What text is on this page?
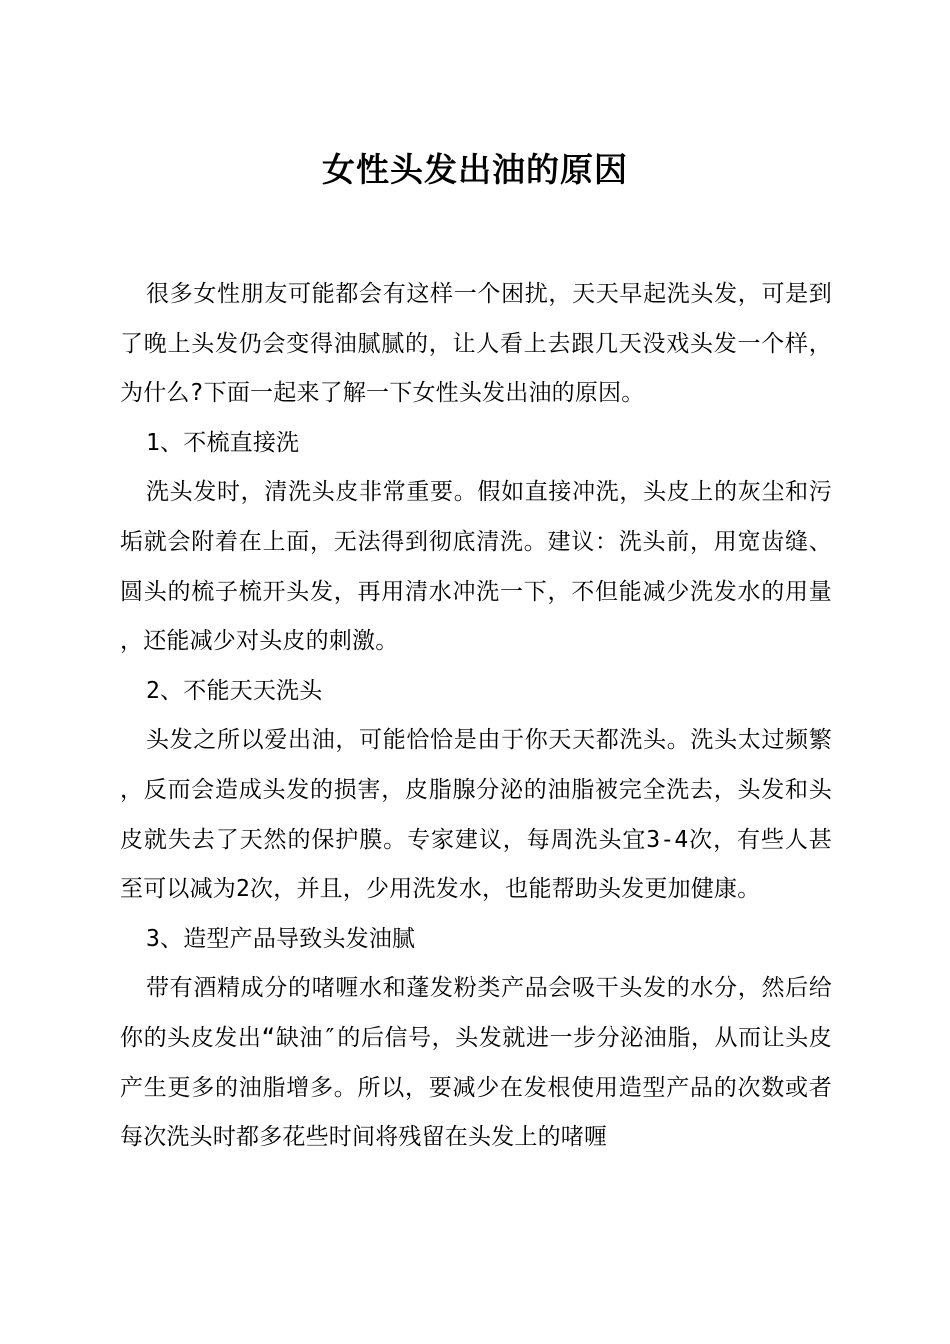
女性头发出油的原因

很多女性朋友可能都会有这样一个困扰，天天早起洗头发，可是到了晚上头发仍会变得油腻腻的，让人看上去跟几天没戏头发一个样，为什么?下面一起来了解一下女性头发出油的原因。

1、不梳直接洗

洗头发时，清洗头皮非常重要。假如直接冲洗，头皮上的灰尘和污垢就会附着在上面，无法得到彻底清洗。建议：洗头前，用宽齿缝、圆头的梳子梳开头发，再用清水冲洗一下，不但能减少洗发水的用量，还能减少对头皮的刺激。

2、不能天天洗头

头发之所以爱出油，可能恰恰是由于你天天都洗头。洗头太过频繁，反而会造成头发的损害，皮脂腺分泌的油脂被完全洗去，头发和头皮就失去了天然的保护膜。专家建议，每周洗头宜3-4次，有些人甚至可以减为2次，并且，少用洗发水，也能帮助头发更加健康。

3、造型产品导致头发油腻

带有酒精成分的啫喱水和蓬发粉类产品会吸干头发的水分，然后给你的头皮发出“缺油″的后信号，头发就进一步分泌油脂，从而让头皮产生更多的油脂增多。所以，要减少在发根使用造型产品的次数或者每次洗头时都多花些时间将残留在头发上的啫喱
